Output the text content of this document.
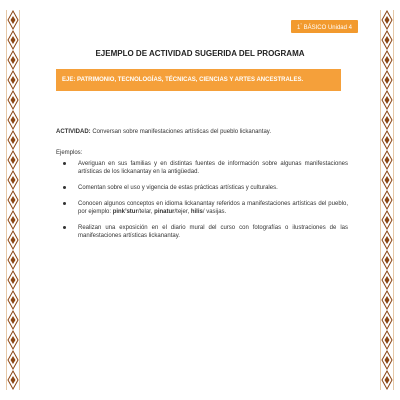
1° BÁSICO Unidad 4
EJEMPLO DE ACTIVIDAD SUGERIDA DEL PROGRAMA
EJE: PATRIMONIO, TECNOLOGÍAS, TÉCNICAS, CIENCIAS Y ARTES ANCESTRALES.
ACTIVIDAD: Conversan sobre manifestaciones artísticas del pueblo lickanantay.
Ejemplos:
Averiguan en sus familias y en distintas fuentes de información sobre algunas manifestaciones artísticas de los lickanantay en la antigüedad.
Comentan sobre el uso y vigencia de estas prácticas artísticas y culturales.
Conocen algunos conceptos en idioma lickanantay referidos a manifestaciones artísticas del pueblo, por ejemplo: pink’stur/telar, pinatur/tejer, hilis/ vasijas.
Realizan una exposición en el diario mural del curso con fotografías o ilustraciones de las manifestaciones artísticas lickanantay.
